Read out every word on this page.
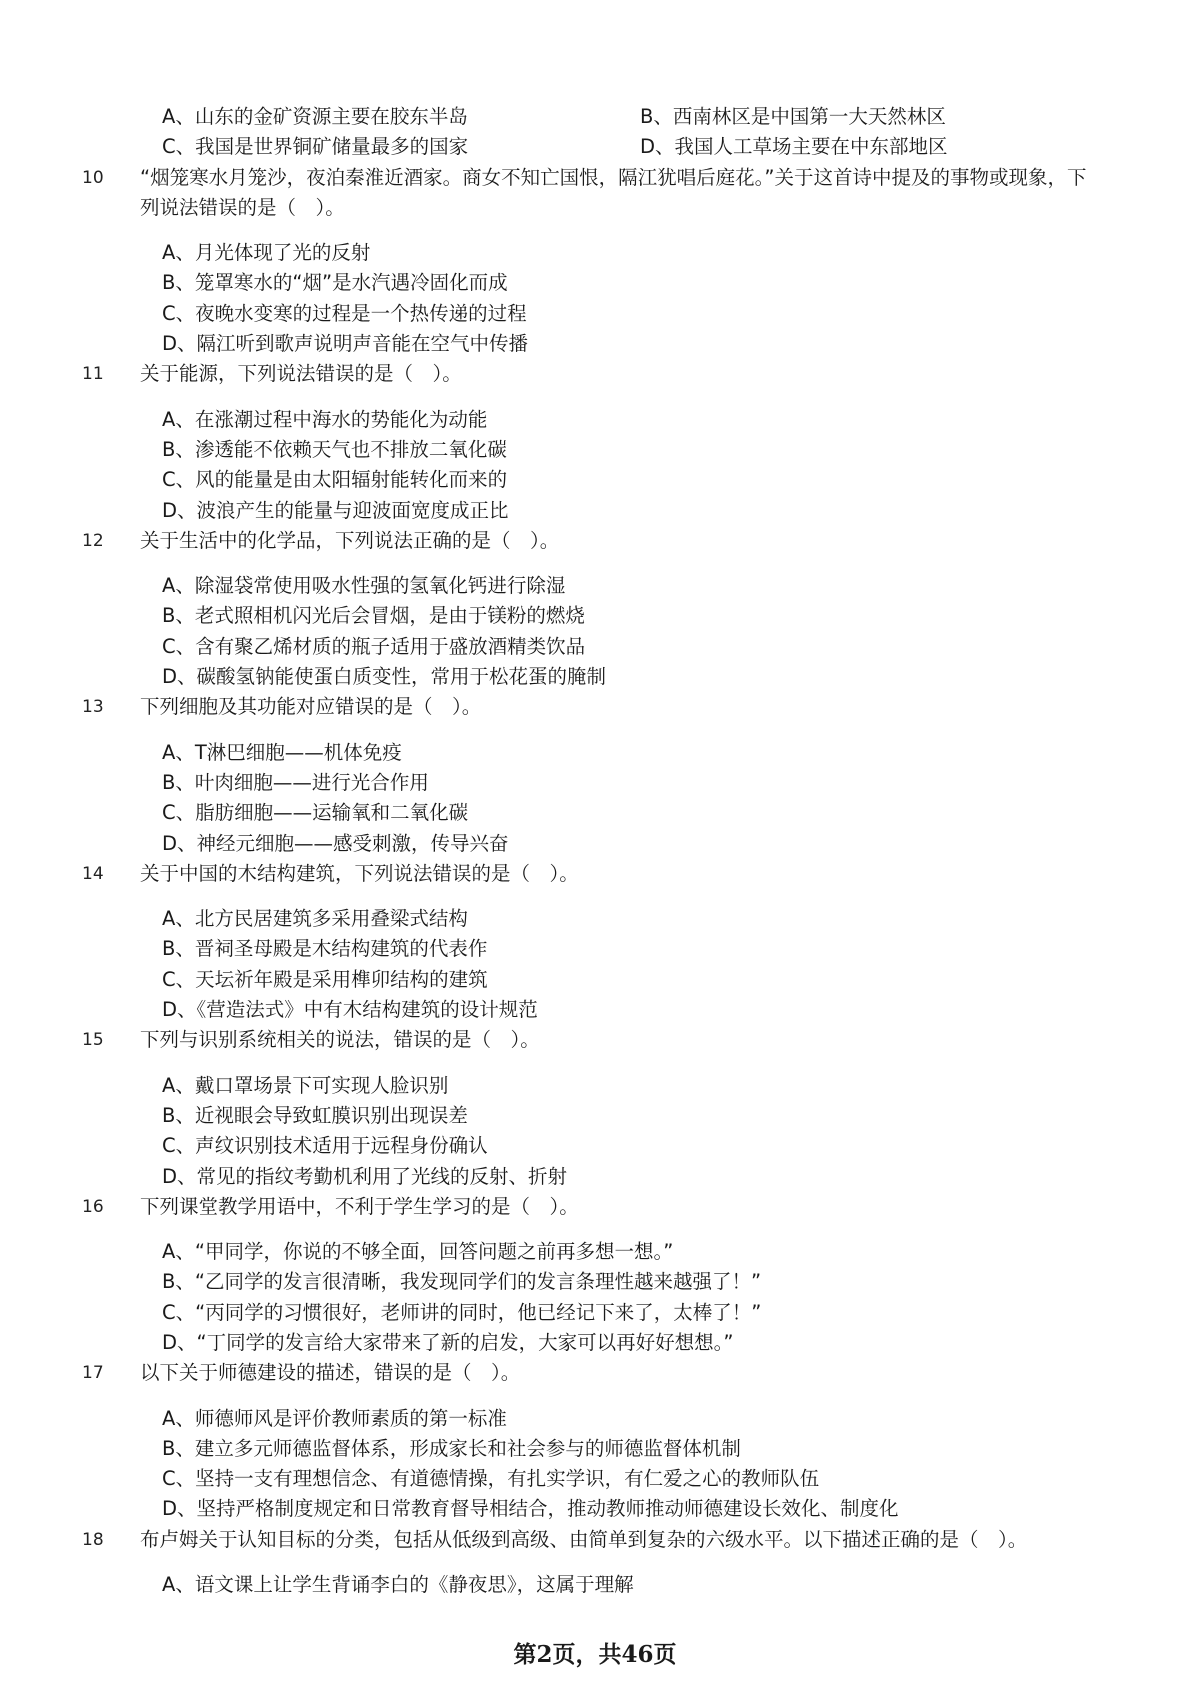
A、山东的金矿资源主要在胶东半岛	B、西南林区是中国第一大天然林区
C、我国是世界铜矿储量最多的国家	D、我国人工草场主要在中东部地区
10	“烟笼寒水月笼沙，夜泊秦淮近酒家。商女不知亡国恨，隔江犹唱后庭花。”关于这首诗中提及的事物或现象，下列说法错误的是（　）。
A、月光体现了光的反射
B、笼罩寒水的“烟”是水汽遇冷固化而成
C、夜晚水变寒的过程是一个热传递的过程
D、隔江听到歌声说明声音能在空气中传播
11	关于能源，下列说法错误的是（　）。
A、在涨潮过程中海水的势能化为动能
B、渗透能不依赖天气也不排放二氧化碳
C、风的能量是由太阳辐射能转化而来的
D、波浪产生的能量与迎波面宽度成正比
12	关于生活中的化学品，下列说法正确的是（　）。
A、除湿袋常使用吸水性强的氢氧化钙进行除湿
B、老式照相机闪光后会冒烟，是由于镁粉的燃烧
C、含有聚乙烯材质的瓶子适用于盛放酒精类饮品
D、碳酸氢钠能使蛋白质变性，常用于松花蛋的腌制
13	下列细胞及其功能对应错误的是（　）。
A、T淋巴细胞——机体免疫
B、叶肉细胞——进行光合作用
C、脂肪细胞——运输氧和二氧化碳
D、神经元细胞——感受刺激，传导兴奋
14	关于中国的木结构建筑，下列说法错误的是（　）。
A、北方民居建筑多采用叠梁式结构
B、晋祠圣母殿是木结构建筑的代表作
C、天坛祈年殿是采用榫卯结构的建筑
D、《营造法式》中有木结构建筑的设计规范
15	下列与识别系统相关的说法，错误的是（　）。
A、戴口罩场景下可实现人脸识别
B、近视眼会导致虹膜识别出现误差
C、声纹识别技术适用于远程身份确认
D、常见的指纹考勤机利用了光线的反射、折射
16	下列课堂教学用语中，不利于学生学习的是（　）。
A、“甲同学，你说的不够全面，回答问题之前再多想一想。”
B、“乙同学的发言很清晰，我发现同学们的发言条理性越来越强了！”
C、“丙同学的习惯很好，老师讲的同时，他已经记下来了，太棒了！”
D、“丁同学的发言给大家带来了新的启发，大家可以再好好想想。”
17	以下关于师德建设的描述，错误的是（　）。
A、师德师风是评价教师素质的第一标准
B、建立多元师德监督体系，形成家长和社会参与的师德监督体机制
C、坚持一支有理想信念、有道德情操，有扎实学识，有仁爱之心的教师队伍
D、坚持严格制度规定和日常教育督导相结合，推动教师推动师德建设长效化、制度化
18	布卢姆关于认知目标的分类，包括从低级到高级、由简单到复杂的六级水平。以下描述正确的是（　）。
A、语文课上让学生背诵李白的《静夜思》，这属于理解
第2页，共46页
